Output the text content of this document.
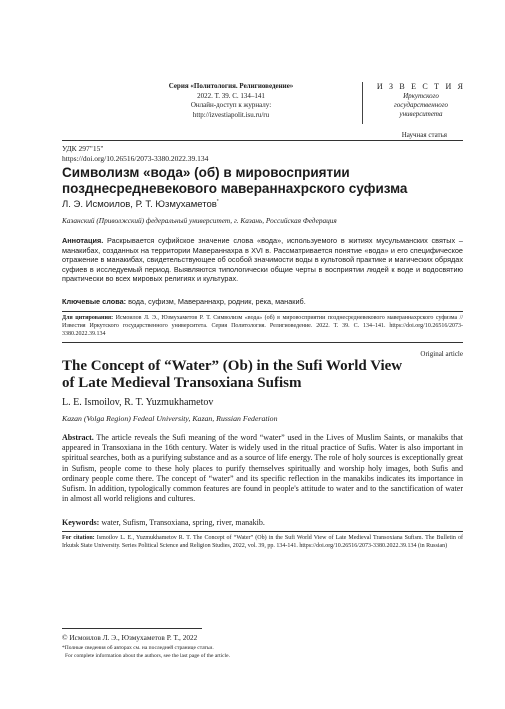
Серия «Политология. Религиоведение»
2022. Т. 39. С. 134–141
Онлайн-доступ к журналу:
http://izvestiapolit.isu.ru/ru
И З В Е С Т И Я
Иркутского
государственного
университета
Научная статья
УДК 297"15"
https://doi.org/10.26516/2073-3380.2022.39.134
Символизм «вода» (об) в мировосприятии
позднесредневекового мавераннахрского суфизма
Л. Э. Исмоилов, Р. Т. Юзмухаметов*
Казанский (Приволжский) федеральный университет, г. Казань, Российская Федерация
Аннотация. Раскрывается суфийское значение слова «вода», используемого в житиях мусульманских святых – манакибах, созданных на территории Мавераннахра в XVI в. Рассматривается понятие «вода» и его специфическое отражение в манакибах, свидетельствующее об особой значимости воды в культовой практике и магических обрядах суфиев в исследуемый период. Выявляются типологически общие черты в восприятии людей к воде и водосвятию практически во всех мировых религиях и культурах.
Ключевые слова: вода, суфизм, Мавераннахр, родник, река, манакиб.
Для цитирования: Исмоилов Л. Э., Юзмухаметов Р. Т. Символизм «вода» (об) в мировосприятии позднесредневекового мавераннахрского суфизма // Известия Иркутского государственного университета. Серия Политология. Религиоведение. 2022. Т. 39. С. 134–141. https://doi.org/10.26516/2073-3380.2022.39.134
Original article
The Concept of “Water” (Ob) in the Sufi World View
of Late Medieval Transoxiana Sufism
L. E. Ismoilov, R. T. Yuzmukhametov
Kazan (Volga Region) Fedeal University, Kazan, Russian Federation
Abstract. The article reveals the Sufi meaning of the word “water” used in the Lives of Muslim Saints, or manakibs that appeared in Transoxiana in the 16th century. Water is widely used in the ritual practice of Sufis. Water is also important in spiritual searches, both as a purifying substance and as a source of life energy. The role of holy sources is exceptionally great in Sufism, people come to these holy places to purify themselves spiritually and worship holy images, both Sufis and ordinary people come there. The concept of “water” and its specific reflection in the manakibs indicates its importance in Sufism. In addition, typologically common features are found in people's attitude to water and to the sanctification of water in almost all world religions and cultures.
Keywords: water, Sufism, Transoxiana, spring, river, manakib.
For citation: Ismoilov L. E., Yuzmukhametov R. T. The Concept of “Water” (Ob) in the Sufi World View of Late Medieval Transoxiana Sufism. The Bulletin of Irkutsk State University. Series Political Science and Religion Studies, 2022, vol. 39, pp. 134-141. https://doi.org/10.26516/2073-3380.2022.39.134 (in Russian)
© Исмоилов Л. Э., Юзмухаметов Р. Т., 2022
*Полные сведения об авторах см. на последней странице статьи.
For complete information about the authors, see the last page of the article.
